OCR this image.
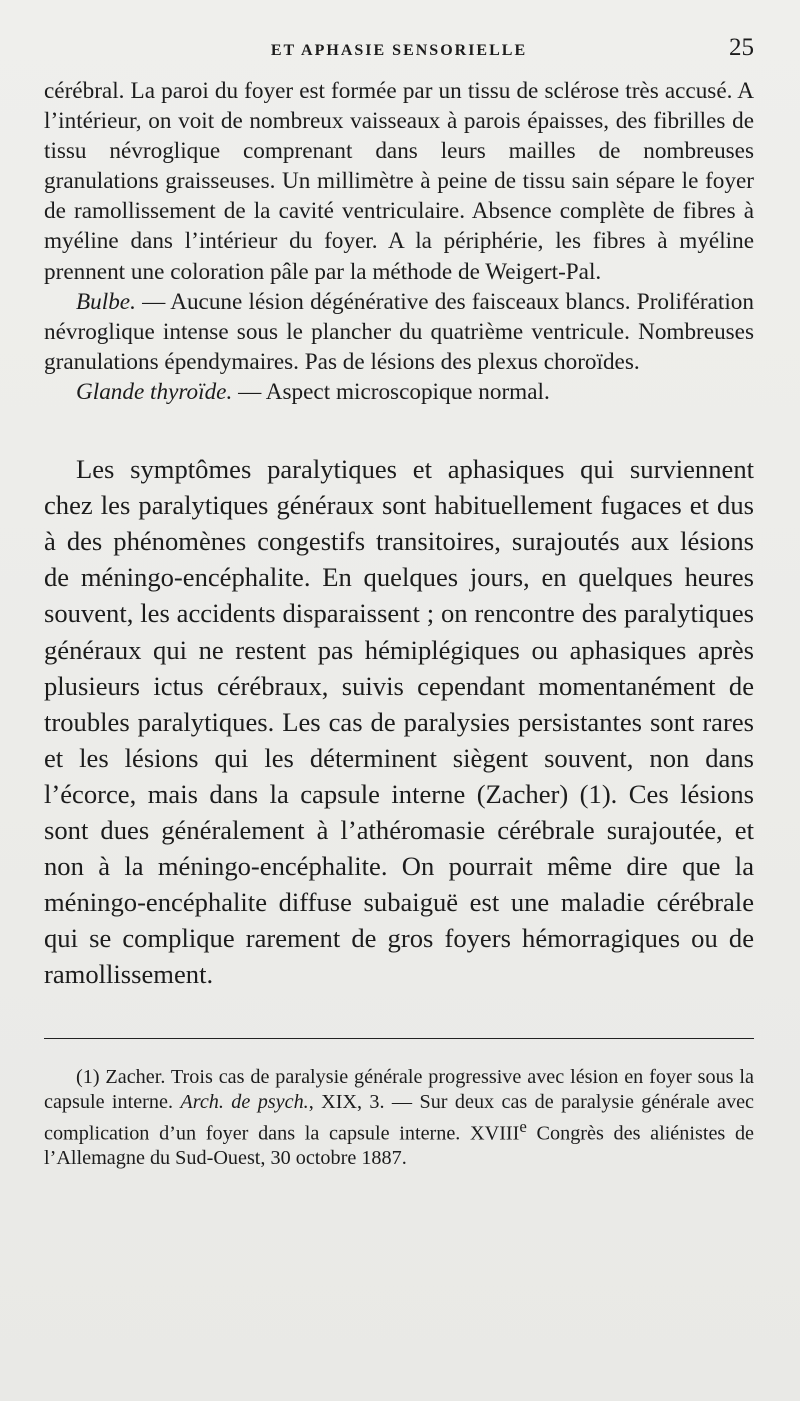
ET APHASIE SENSORIELLE	25

cérébral. La paroi du foyer est formée par un tissu de sclérose très accusé. A l’intérieur, on voit de nombreux vaisseaux à parois épaisses, des fibrilles de tissu névroglique comprenant dans leurs mailles de nombreuses granulations graisseuses. Un millimètre à peine de tissu sain sépare le foyer de ramollissement de la cavité ventriculaire. Absence complète de fibres à myéline dans l’intérieur du foyer. A la périphérie, les fibres à myéline prennent une coloration pâle par la méthode de Weigert-Pal.

Bulbe. — Aucune lésion dégénérative des faisceaux blancs. Prolifération névroglique intense sous le plancher du quatrième ventricule. Nombreuses granulations épendymaires. Pas de lésions des plexus choroïdes.

Glande thyroïde. — Aspect microscopique normal.

Les symptômes paralytiques et aphasiques qui surviennent chez les paralytiques généraux sont habituellement fugaces et dus à des phénomènes congestifs transitoires, surajoutés aux lésions de méningo-encéphalite. En quelques jours, en quelques heures souvent, les accidents disparaissent ; on rencontre des paralytiques généraux qui ne restent pas hémiplégiques ou aphasiques après plusieurs ictus cérébraux, suivis cependant momentanément de troubles paralytiques. Les cas de paralysies persistantes sont rares et les lésions qui les déterminent siègent souvent, non dans l’écorce, mais dans la capsule interne (Zacher) (1). Ces lésions sont dues généralement à l’athéromasie cérébrale surajoutée, et non à la méningo-encéphalite. On pourrait même dire que la méningo-encéphalite diffuse subaiguë est une maladie cérébrale qui se complique rarement de gros foyers hémorragiques ou de ramollissement.

(1) Zacher. Trois cas de paralysie générale progressive avec lésion en foyer sous la capsule interne. Arch. de psych., XIX, 3. — Sur deux cas de paralysie générale avec complication d’un foyer dans la capsule interne. XVIIIe Congrès des aliénistes de l’Allemagne du Sud-Ouest, 30 octobre 1887.
